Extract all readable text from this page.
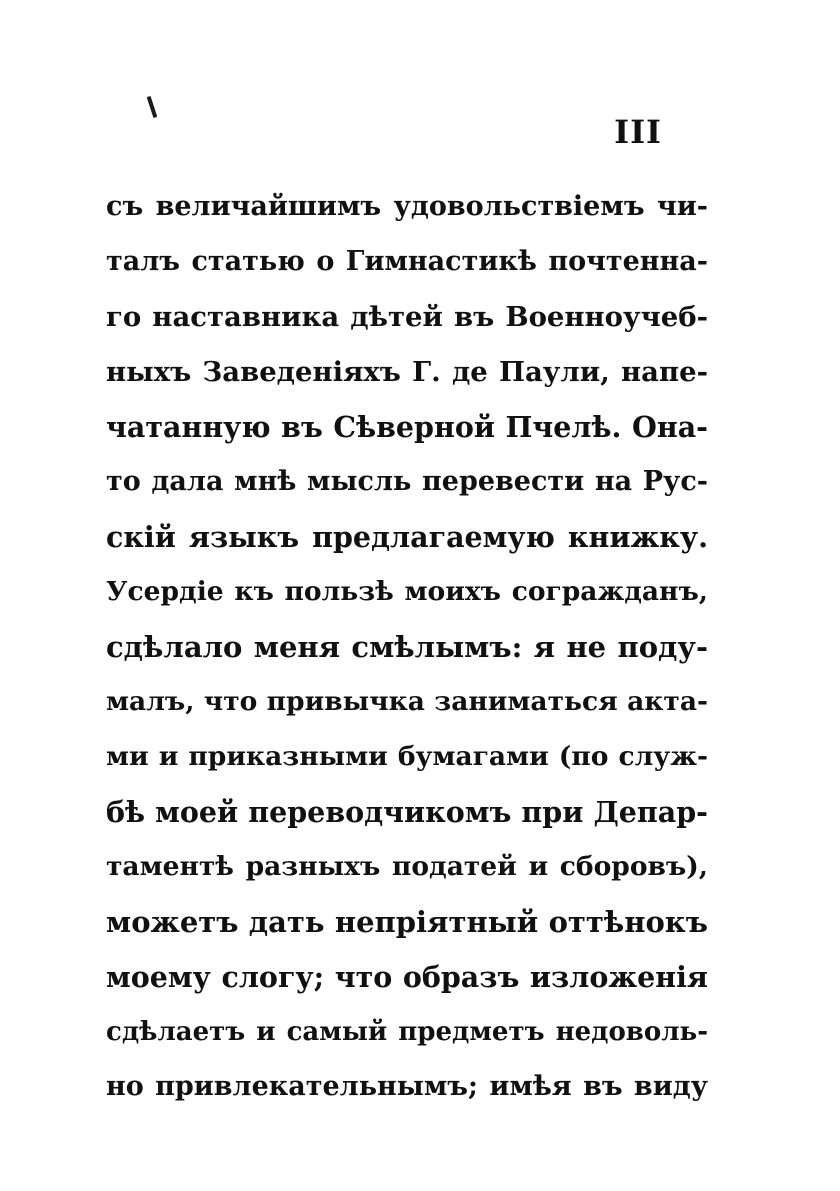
III
съ величайшимъ удовольствіемъ чи-
талъ статью о Гимнастикѣ почтенна-
го наставника дѣтей въ Военноучеб-
ныхъ Заведеніяхъ Г. де Паули, напе-
чатанную въ Сѣверной Пчелѣ. Она-
то дала мнѣ мысль перевести на Рус-
скій языкъ предлагаемую книжку.
Усердіе къ пользѣ моихъ согражданъ,
сдѣлало меня смѣлымъ: я не поду-
малъ, что привычка заниматься акта-
ми и приказными бумагами (по служ-
бѣ моей переводчикомъ при Депар-
таментѣ разныхъ податей и сборовъ),
можетъ дать непріятный оттѣнокъ
моему слогу; что образъ изложенія
сдѣлаетъ и самый предметъ недоволь-
но привлекательнымъ; имѣя въ виду
